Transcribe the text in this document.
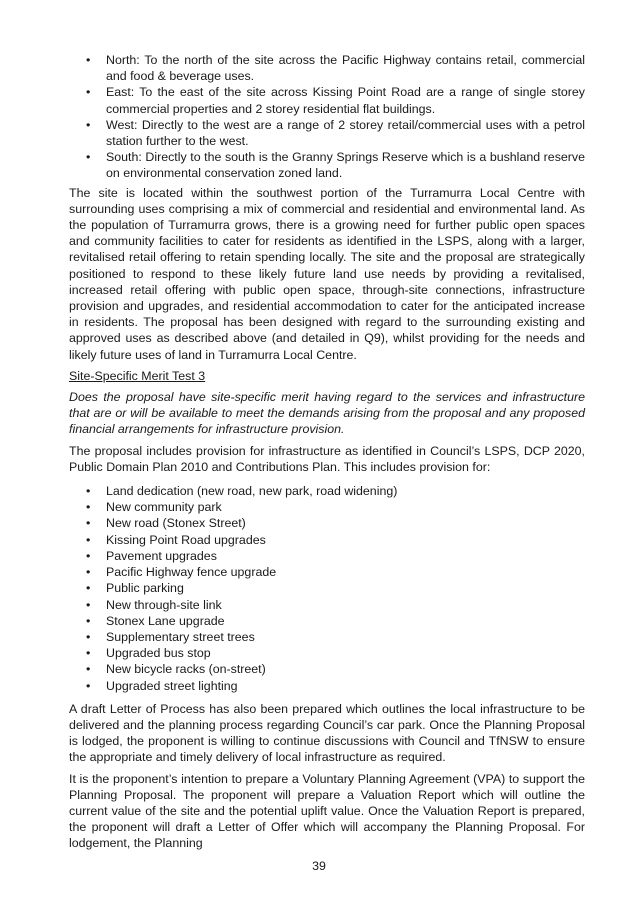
• North: To the north of the site across the Pacific Highway contains retail, commercial and food & beverage uses.
• East: To the east of the site across Kissing Point Road are a range of single storey commercial properties and 2 storey residential flat buildings.
• West: Directly to the west are a range of 2 storey retail/commercial uses with a petrol station further to the west.
• South: Directly to the south is the Granny Springs Reserve which is a bushland reserve on environmental conservation zoned land.

The site is located within the southwest portion of the Turramurra Local Centre with surrounding uses comprising a mix of commercial and residential and environmental land. As the population of Turramurra grows, there is a growing need for further public open spaces and community facilities to cater for residents as identified in the LSPS, along with a larger, revitalised retail offering to retain spending locally. The site and the proposal are strategically positioned to respond to these likely future land use needs by providing a revitalised, increased retail offering with public open space, through-site connections, infrastructure provision and upgrades, and residential accommodation to cater for the anticipated increase in residents. The proposal has been designed with regard to the surrounding existing and approved uses as described above (and detailed in Q9), whilst providing for the needs and likely future uses of land in Turramurra Local Centre.

Site-Specific Merit Test 3

Does the proposal have site-specific merit having regard to the services and infrastructure that are or will be available to meet the demands arising from the proposal and any proposed financial arrangements for infrastructure provision.

The proposal includes provision for infrastructure as identified in Council’s LSPS, DCP 2020, Public Domain Plan 2010 and Contributions Plan. This includes provision for:

• Land dedication (new road, new park, road widening)
• New community park
• New road (Stonex Street)
• Kissing Point Road upgrades
• Pavement upgrades
• Pacific Highway fence upgrade
• Public parking
• New through-site link
• Stonex Lane upgrade
• Supplementary street trees
• Upgraded bus stop
• New bicycle racks (on-street)
• Upgraded street lighting

A draft Letter of Process has also been prepared which outlines the local infrastructure to be delivered and the planning process regarding Council’s car park. Once the Planning Proposal is lodged, the proponent is willing to continue discussions with Council and TfNSW to ensure the appropriate and timely delivery of local infrastructure as required.

It is the proponent’s intention to prepare a Voluntary Planning Agreement (VPA) to support the Planning Proposal. The proponent will prepare a Valuation Report which will outline the current value of the site and the potential uplift value. Once the Valuation Report is prepared, the proponent will draft a Letter of Offer which will accompany the Planning Proposal. For lodgement, the Planning

39
